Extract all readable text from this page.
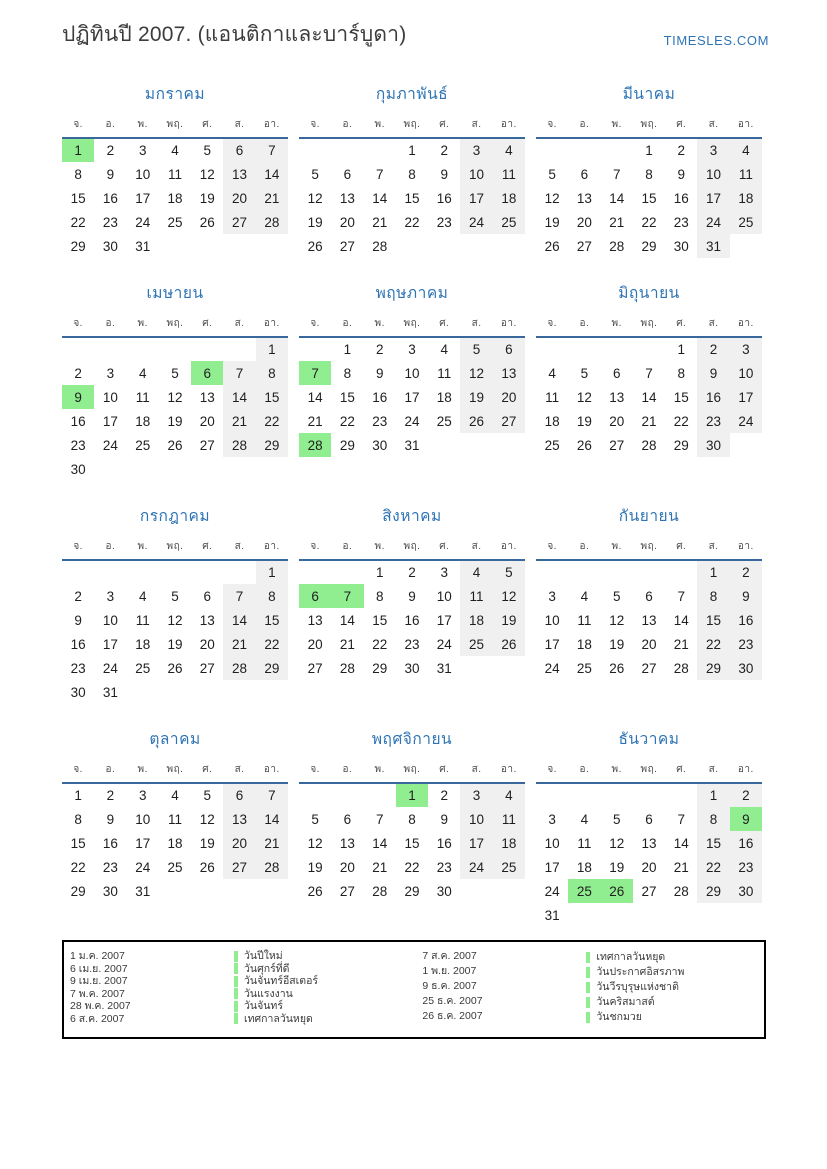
ปฏิทินปี 2007. (แอนติกาและบาร์บูดา)	TIMESLES.COM
มกราคม
จ.	อ.	พ.	พฤ.	ศ.	ส.	อา.
1	2	3	4	5	6	7
8	9	10	11	12	13	14
15	16	17	18	19	20	21
22	23	24	25	26	27	28
29	30	31				
กุมภาพันธ์
จ.	อ.	พ.	พฤ.	ศ.	ส.	อา.
			1	2	3	4
5	6	7	8	9	10	11
12	13	14	15	16	17	18
19	20	21	22	23	24	25
26	27	28				
มีนาคม
จ.	อ.	พ.	พฤ.	ศ.	ส.	อา.
			1	2	3	4
5	6	7	8	9	10	11
12	13	14	15	16	17	18
19	20	21	22	23	24	25
26	27	28	29	30	31	
เมษายน
จ.	อ.	พ.	พฤ.	ศ.	ส.	อา.
						1
2	3	4	5	6	7	8
9	10	11	12	13	14	15
16	17	18	19	20	21	22
23	24	25	26	27	28	29
30						
พฤษภาคม
จ.	อ.	พ.	พฤ.	ศ.	ส.	อา.
	1	2	3	4	5	6
7	8	9	10	11	12	13
14	15	16	17	18	19	20
21	22	23	24	25	26	27
28	29	30	31			
มิถุนายน
จ.	อ.	พ.	พฤ.	ศ.	ส.	อา.
				1	2	3
4	5	6	7	8	9	10
11	12	13	14	15	16	17
18	19	20	21	22	23	24
25	26	27	28	29	30	
กรกฎาคม
จ.	อ.	พ.	พฤ.	ศ.	ส.	อา.
						1
2	3	4	5	6	7	8
9	10	11	12	13	14	15
16	17	18	19	20	21	22
23	24	25	26	27	28	29
30	31					
สิงหาคม
จ.	อ.	พ.	พฤ.	ศ.	ส.	อา.
		1	2	3	4	5
6	7	8	9	10	11	12
13	14	15	16	17	18	19
20	21	22	23	24	25	26
27	28	29	30	31		
กันยายน
จ.	อ.	พ.	พฤ.	ศ.	ส.	อา.
					1	2
3	4	5	6	7	8	9
10	11	12	13	14	15	16
17	18	19	20	21	22	23
24	25	26	27	28	29	30
ตุลาคม
จ.	อ.	พ.	พฤ.	ศ.	ส.	อา.
1	2	3	4	5	6	7
8	9	10	11	12	13	14
15	16	17	18	19	20	21
22	23	24	25	26	27	28
29	30	31				
พฤศจิกายน
จ.	อ.	พ.	พฤ.	ศ.	ส.	อา.
			1	2	3	4
5	6	7	8	9	10	11
12	13	14	15	16	17	18
19	20	21	22	23	24	25
26	27	28	29	30		
ธันวาคม
จ.	อ.	พ.	พฤ.	ศ.	ส.	อา.
					1	2
3	4	5	6	7	8	9
10	11	12	13	14	15	16
17	18	19	20	21	22	23
24	25	26	27	28	29	30
31						
1 ม.ค. 2007	วันปีใหม่
6 เม.ย. 2007	วันศุกร์ที่ดี
9 เม.ย. 2007	วันจันทร์อีสเตอร์
7 พ.ค. 2007	วันแรงงาน
28 พ.ค. 2007	วันจันทร์
6 ส.ค. 2007	เทศกาลวันหยุด
7 ส.ค. 2007	เทศกาลวันหยุด
1 พ.ย. 2007	วันประกาศอิสรภาพ
9 ธ.ค. 2007	วันวีรบุรุษแห่งชาติ
25 ธ.ค. 2007	วันคริสมาสต์
26 ธ.ค. 2007	วันชกมวย
